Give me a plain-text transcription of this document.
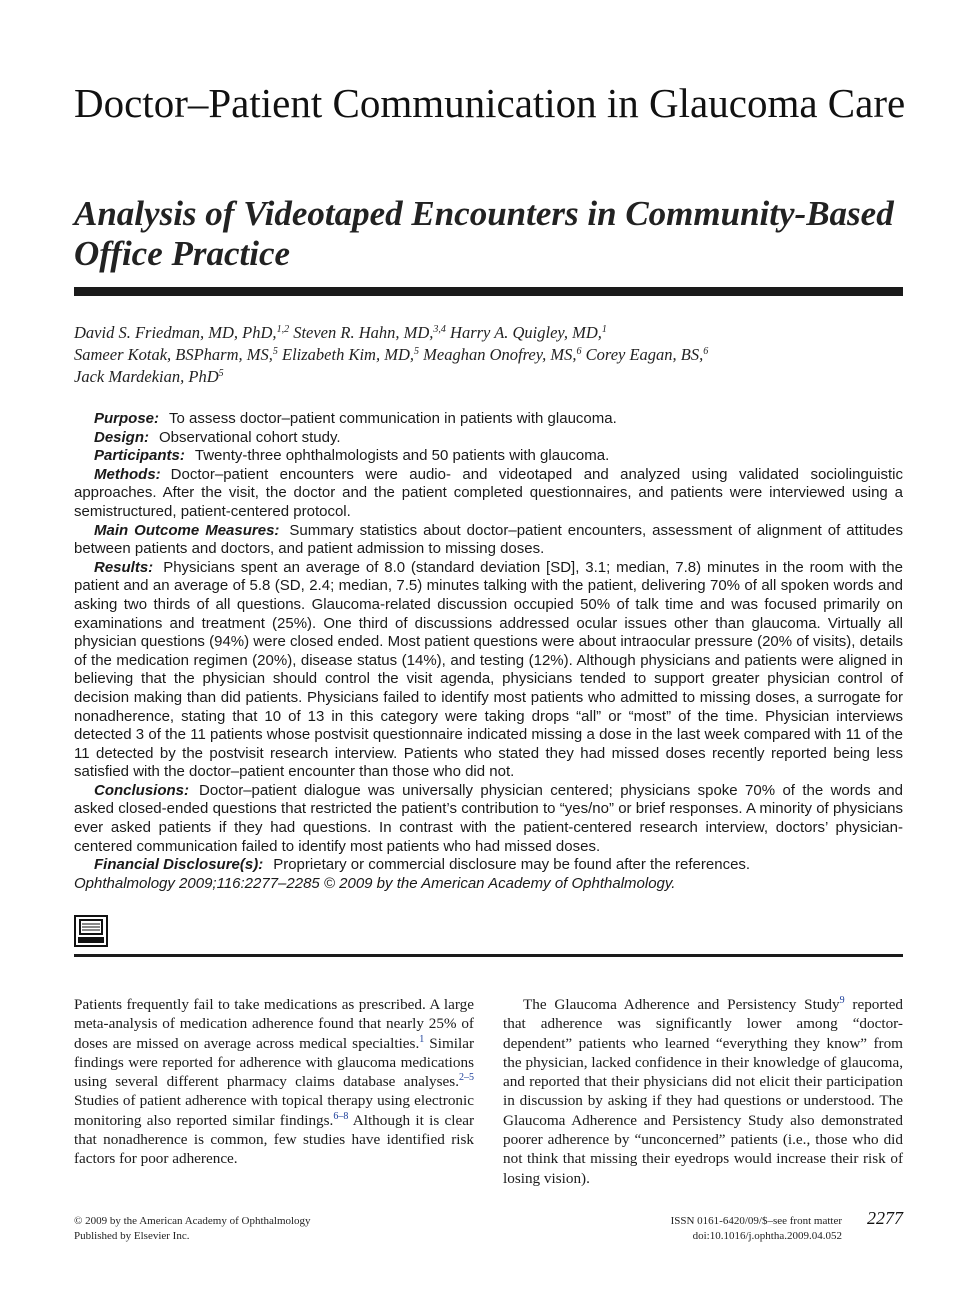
Doctor–Patient Communication in Glaucoma Care
Analysis of Videotaped Encounters in Community-Based Office Practice
David S. Friedman, MD, PhD,$^{1,2}$ Steven R. Hahn, MD,$^{3,4}$ Harry A. Quigley, MD,$^1$
Sameer Kotak, BSPharm, MS,$^5$ Elizabeth Kim, MD,$^5$ Meaghan Onofrey, MS,$^6$ Corey Eagan, BS,$^6$
Jack Mardekian, PhD$^5$

Purpose: To assess doctor–patient communication in patients with glaucoma.

Design: Observational cohort study.

Participants: Twenty-three ophthalmologists and 50 patients with glaucoma.

Methods: Doctor–patient encounters were audio- and videotaped and analyzed using validated sociolinguistic approaches. After the visit, the doctor and the patient completed questionnaires, and patients were interviewed using a semistructured, patient-centered protocol.

Main Outcome Measures: Summary statistics about doctor–patient encounters, assessment of alignment of attitudes between patients and doctors, and patient admission to missing doses.

Results: Physicians spent an average of 8.0 (standard deviation [SD], 3.1; median, 7.8) minutes in the room with the patient and an average of 5.8 (SD, 2.4; median, 7.5) minutes talking with the patient, delivering 70% of all spoken words and asking two thirds of all questions. Glaucoma-related discussion occupied 50% of talk time and was focused primarily on examinations and treatment (25%). One third of discussions addressed ocular issues other than glaucoma. Virtually all physician questions (94%) were closed ended. Most patient questions were about intraocular pressure (20% of visits), details of the medication regimen (20%), disease status (14%), and testing (12%). Although physicians and patients were aligned in believing that the physician should control the visit agenda, physicians tended to support greater physician control of decision making than did patients. Physicians failed to identify most patients who admitted to missing doses, a surrogate for nonadherence, stating that 10 of 13 in this category were taking drops “all” or “most” of the time. Physician interviews detected 3 of the 11 patients whose postvisit questionnaire indicated missing a dose in the last week compared with 11 of the 11 detected by the postvisit research interview. Patients who stated they had missed doses recently reported being less satisfied with the doctor–patient encounter than those who did not.

Conclusions: Doctor–patient dialogue was universally physician centered; physicians spoke 70% of the words and asked closed-ended questions that restricted the patient’s contribution to “yes/no” or brief responses. A minority of physicians ever asked patients if they had questions. In contrast with the patient-centered research interview, doctors’ physician-centered communication failed to identify most patients who had missed doses.

Financial Disclosure(s): Proprietary or commercial disclosure may be found after the references.

Ophthalmology 2009;116:2277–2285 © 2009 by the American Academy of Ophthalmology.

Patients frequently fail to take medications as prescribed. A large meta-analysis of medication adherence found that nearly 25% of doses are missed on average across medical specialties.$^1$ Similar findings were reported for adherence with glaucoma medications using several different pharmacy claims database analyses.$^{2-5}$ Studies of patient adherence with topical therapy using electronic monitoring also reported similar findings.$^{6-8}$ Although it is clear that nonadherence is common, few studies have identified risk factors for poor adherence.

The Glaucoma Adherence and Persistency Study$^9$ reported that adherence was significantly lower among “doctor-dependent” patients who learned “everything they know” from the physician, lacked confidence in their knowledge of glaucoma, and reported that their physicians did not elicit their participation in discussion by asking if they had questions or understood. The Glaucoma Adherence and Persistency Study also demonstrated poorer adherence by “unconcerned” patients (i.e., those who did not think that missing their eyedrops would increase their risk of losing vision).

© 2009 by the American Academy of Ophthalmology
Published by Elsevier Inc.
ISSN 0161-6420/09/$–see front matter
doi:10.1016/j.ophtha.2009.04.052
2277
